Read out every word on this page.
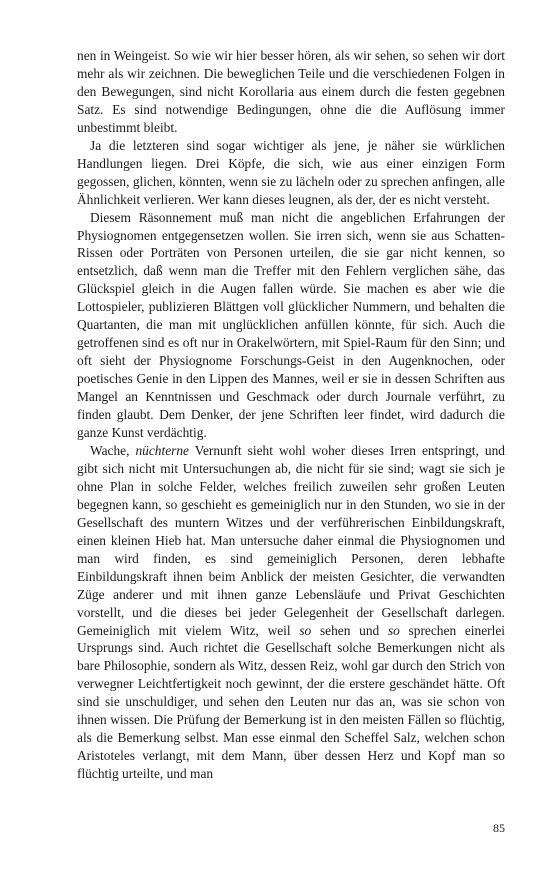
nen in Weingeist. So wie wir hier besser hören, als wir sehen, so sehen wir dort mehr als wir zeichnen. Die beweglichen Teile und die verschiedenen Folgen in den Bewegungen, sind nicht Korollaria aus einem durch die festen gegebnen Satz. Es sind notwendige Bedingungen, ohne die die Auflösung immer unbestimmt bleibt.

Ja die letzteren sind sogar wichtiger als jene, je näher sie würklichen Handlungen liegen. Drei Köpfe, die sich, wie aus einer einzigen Form gegossen, glichen, könnten, wenn sie zu lächeln oder zu sprechen anfingen, alle Ähnlichkeit verlieren. Wer kann dieses leugnen, als der, der es nicht versteht.

Diesem Räsonnement muß man nicht die angeblichen Erfahrungen der Physiognomen entgegensetzen wollen. Sie irren sich, wenn sie aus Schatten-Rissen oder Porträten von Personen urteilen, die sie gar nicht kennen, so entsetzlich, daß wenn man die Treffer mit den Fehlern verglichen sähe, das Glückspiel gleich in die Augen fallen würde. Sie machen es aber wie die Lottospieler, publizieren Blättgen voll glücklicher Nummern, und behalten die Quartanten, die man mit unglücklichen anfüllen könnte, für sich. Auch die getroffenen sind es oft nur in Orakelwörtern, mit Spiel-Raum für den Sinn; und oft sieht der Physiognome Forschungs-Geist in den Augenknochen, oder poetisches Genie in den Lippen des Mannes, weil er sie in dessen Schriften aus Mangel an Kenntnissen und Geschmack oder durch Journale verführt, zu finden glaubt. Dem Denker, der jene Schriften leer findet, wird dadurch die ganze Kunst verdächtig.

Wache, nüchterne Vernunft sieht wohl woher dieses Irren entspringt, und gibt sich nicht mit Untersuchungen ab, die nicht für sie sind; wagt sie sich je ohne Plan in solche Felder, welches freilich zuweilen sehr großen Leuten begegnen kann, so geschieht es gemeiniglich nur in den Stunden, wo sie in der Gesellschaft des muntern Witzes und der verführerischen Einbildungskraft, einen kleinen Hieb hat. Man untersuche daher einmal die Physiognomen und man wird finden, es sind gemeiniglich Personen, deren lebhafte Einbildungskraft ihnen beim Anblick der meisten Gesichter, die verwandten Züge anderer und mit ihnen ganze Lebensläufe und Privat Geschichten vorstellt, und die dieses bei jeder Gelegenheit der Gesellschaft darlegen. Gemeiniglich mit vielem Witz, weil so sehen und so sprechen einerlei Ursprungs sind. Auch richtet die Gesellschaft solche Bemerkungen nicht als bare Philosophie, sondern als Witz, dessen Reiz, wohl gar durch den Strich von verwegner Leichtfertigkeit noch gewinnt, der die erstere geschändet hätte. Oft sind sie unschuldiger, und sehen den Leuten nur das an, was sie schon von ihnen wissen. Die Prüfung der Bemerkung ist in den meisten Fällen so flüchtig, als die Bemerkung selbst. Man esse einmal den Scheffel Salz, welchen schon Aristoteles verlangt, mit dem Mann, über dessen Herz und Kopf man so flüchtig urteilte, und man

85
